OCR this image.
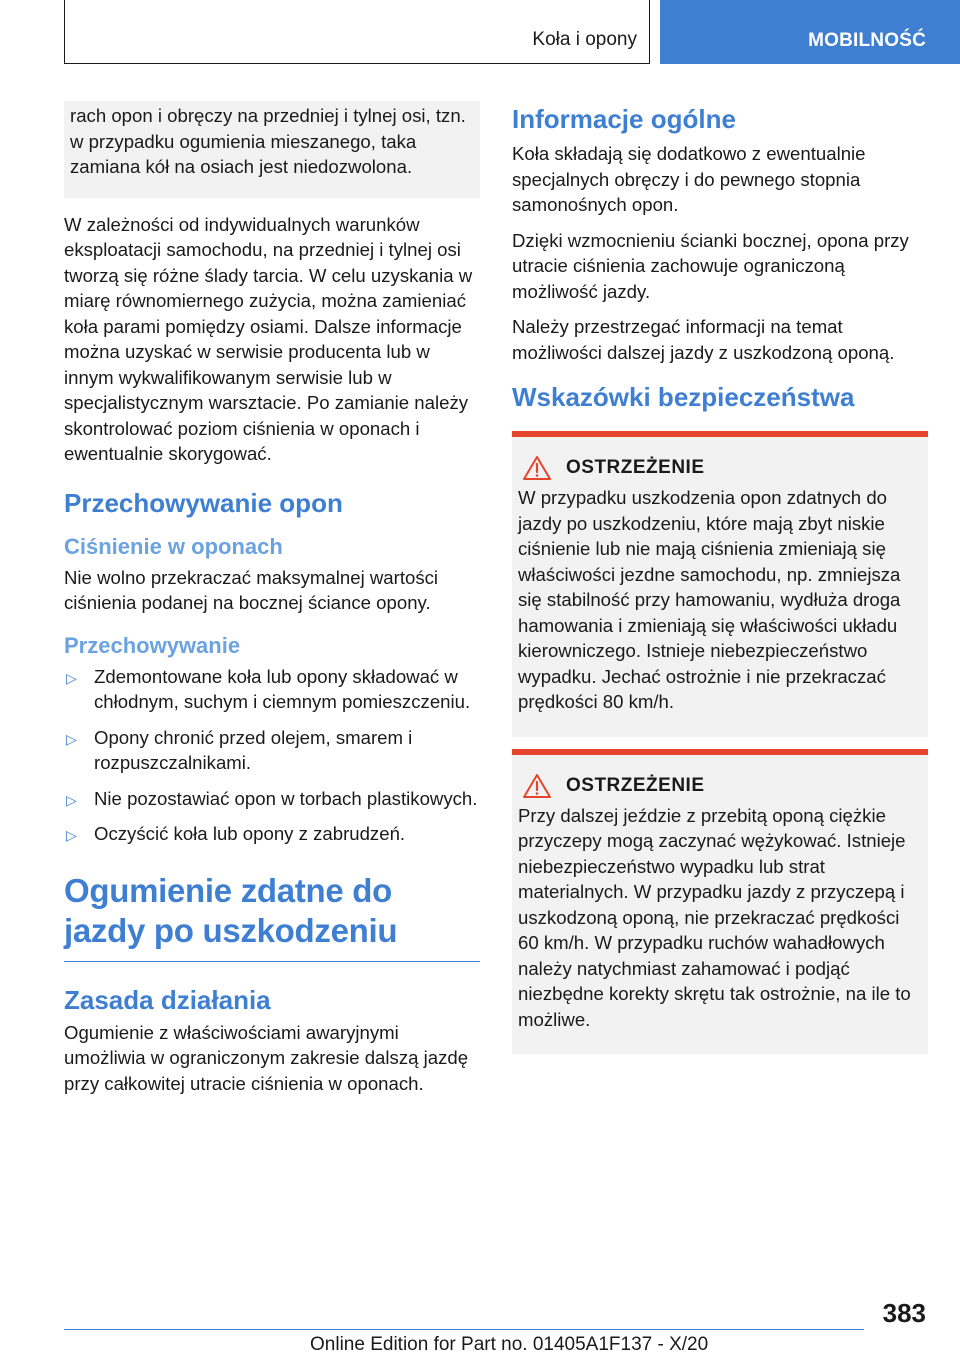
Koła i opony	MOBILNOŚĆ

rach opon i obręczy na przedniej i tylnej osi, tzn. w przypadku ogumienia mieszanego, taka zamiana kół na osiach jest niedozwolona.

W zależności od indywidualnych warunków eksploatacji samochodu, na przedniej i tylnej osi tworzą się różne ślady tarcia. W celu uzyskania w miarę równomiernego zużycia, można zamieniać koła parami pomiędzy osiami. Dalsze informacje można uzyskać w serwisie producenta lub w innym wykwalifikowanym serwisie lub w specjalistycznym warsztacie. Po zamianie należy skontrolować poziom ciśnienia w oponach i ewentualnie skorygować.

Przechowywanie opon
Ciśnienie w oponach

Nie wolno przekraczać maksymalnej wartości ciśnienia podanej na bocznej ściance opony.

Przechowywanie
▷ Zdemontowane koła lub opony składować w chłodnym, suchym i ciemnym pomieszczeniu.
▷ Opony chronić przed olejem, smarem i rozpuszczalnikami.
▷ Nie pozostawiać opon w torbach plastikowych.
▷ Oczyścić koła lub opony z zabrudzeń.
Ogumienie zdatne do jazdy po uszkodzeniu
Zasada działania

Ogumienie z właściwościami awaryjnymi umożliwia w ograniczonym zakresie dalszą jazdę przy całkowitej utracie ciśnienia w oponach.

Informacje ogólne

Koła składają się dodatkowo z ewentualnie specjalnych obręczy i do pewnego stopnia samonośnych opon.

Dzięki wzmocnieniu ścianki bocznej, opona przy utracie ciśnienia zachowuje ograniczoną możliwość jazdy.

Należy przestrzegać informacji na temat możliwości dalszej jazdy z uszkodzoną oponą.

Wskazówki bezpieczeństwa
OSTRZEŻENIE

W przypadku uszkodzenia opon zdatnych do jazdy po uszkodzeniu, które mają zbyt niskie ciśnienie lub nie mają ciśnienia zmieniają się właściwości jezdne samochodu, np. zmniejsza się stabilność przy hamowaniu, wydłuża droga hamowania i zmieniają się właściwości układu kierowniczego. Istnieje niebezpieczeństwo wypadku. Jechać ostrożnie i nie przekraczać prędkości 80 km/h.

OSTRZEŻENIE

Przy dalszej jeździe z przebitą oponą ciężkie przyczepy mogą zaczynać wężykować. Istnieje niebezpieczeństwo wypadku lub strat materialnych. W przypadku jazdy z przyczepą i uszkodzoną oponą, nie przekraczać prędkości 60 km/h. W przypadku ruchów wahadłowych należy natychmiast zahamować i podjąć niezbędne korekty skrętu tak ostrożnie, na ile to możliwe.

383
Online Edition for Part no. 01405A1F137 - X/20
